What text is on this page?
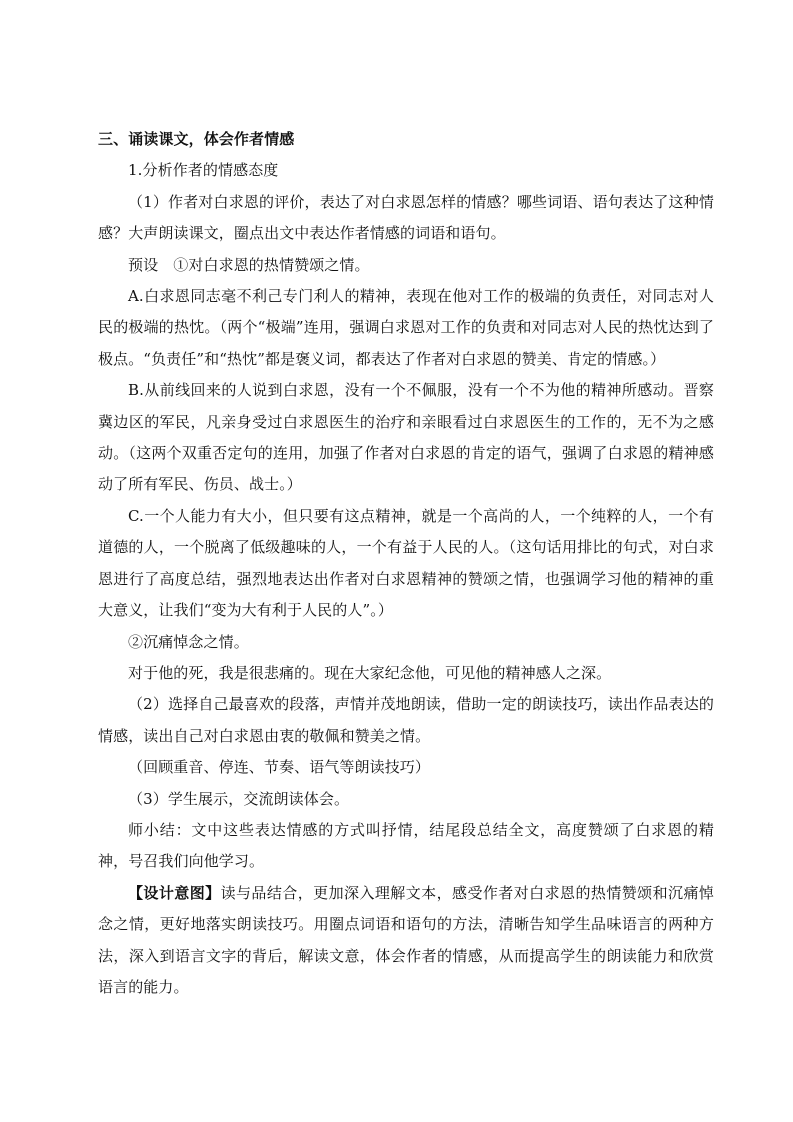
三、诵读课文，体会作者情感

1.分析作者的情感态度

（1）作者对白求恩的评价，表达了对白求恩怎样的情感？哪些词语、语句表达了这种情感？大声朗读课文，圈点出文中表达作者情感的词语和语句。

预设　①对白求恩的热情赞颂之情。

A.白求恩同志毫不利己专门利人的精神，表现在他对工作的极端的负责任，对同志对人民的极端的热忱。（两个“极端”连用，强调白求恩对工作的负责和对同志对人民的热忱达到了极点。“负责任”和“热忱”都是褒义词，都表达了作者对白求恩的赞美、肯定的情感。）

B.从前线回来的人说到白求恩，没有一个不佩服，没有一个不为他的精神所感动。晋察冀边区的军民，凡亲身受过白求恩医生的治疗和亲眼看过白求恩医生的工作的，无不为之感动。（这两个双重否定句的连用，加强了作者对白求恩的肯定的语气，强调了白求恩的精神感动了所有军民、伤员、战士。）

C.一个人能力有大小，但只要有这点精神，就是一个高尚的人，一个纯粹的人，一个有道德的人，一个脱离了低级趣味的人，一个有益于人民的人。（这句话用排比的句式，对白求恩进行了高度总结，强烈地表达出作者对白求恩精神的赞颂之情，也强调学习他的精神的重大意义，让我们“变为大有利于人民的人”。）

②沉痛悼念之情。

对于他的死，我是很悲痛的。现在大家纪念他，可见他的精神感人之深。

（2）选择自己最喜欢的段落，声情并茂地朗读，借助一定的朗读技巧，读出作品表达的情感，读出自己对白求恩由衷的敬佩和赞美之情。

（回顾重音、停连、节奏、语气等朗读技巧）

（3）学生展示，交流朗读体会。

师小结：文中这些表达情感的方式叫抒情，结尾段总结全文，高度赞颂了白求恩的精神，号召我们向他学习。

【设计意图】读与品结合，更加深入理解文本，感受作者对白求恩的热情赞颂和沉痛悼念之情，更好地落实朗读技巧。用圈点词语和语句的方法，清晰告知学生品味语言的两种方法，深入到语言文字的背后，解读文意，体会作者的情感，从而提高学生的朗读能力和欣赏语言的能力。
